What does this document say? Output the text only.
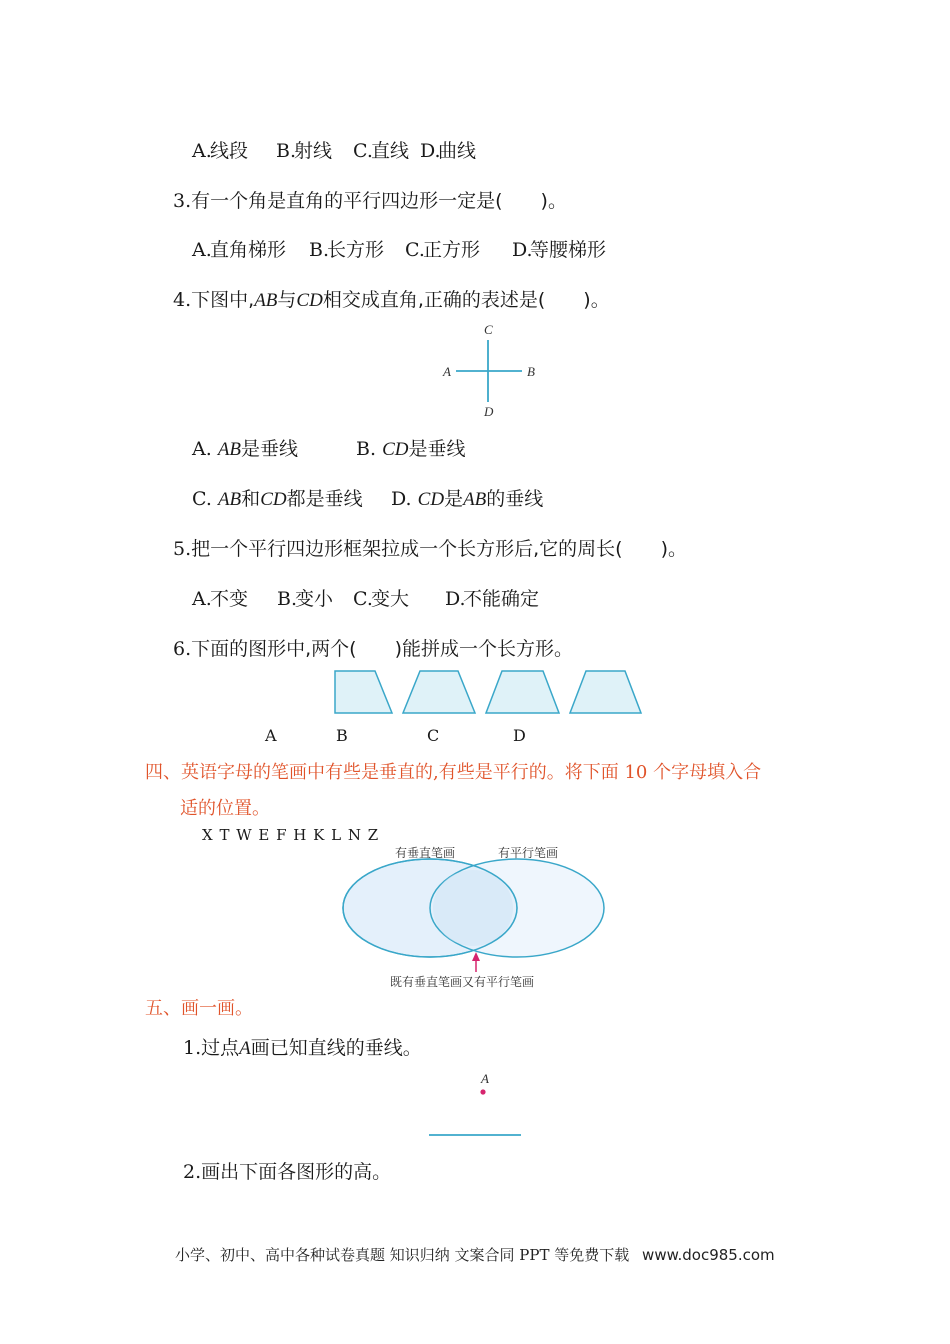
A.
线段 B.
射线 C.
直线 D.
曲线
3.有一个角是直角的平行四边形一定是(　　)。
A.
直角梯形 B.
长方形 C.
正方形 D.
等腰梯形
4.下图中,AB与CD相交成直角,正确的表述是(　　)。
A	B
C
D
A. AB是垂线	B. CD是垂线
C. AB和CD都是垂线 D. CD是AB的垂线
5.把一个平行四边形框架拉成一个长方形后,它的周长(　　)。
A.
不变 B.
变小 C.
变大 D.
不能确定
6.下面的图形中,两个(　　)能拼成一个长方形。
A	B	C	D
四、英语字母的笔画中有些是垂直的,有些是平行的。将下面 10 个字母填入合
适的位置。
X T W E F H K L N Z
有垂直笔画	有平行笔画
既有垂直笔画又有平行笔画
五、画一画。
1.过点A画已知直线的垂线。
A
2.画出下面各图形的高。
小学、初中、高中各种试卷真题 知识归纳 文案合同 PPT 等免费下载 www.doc985.com
